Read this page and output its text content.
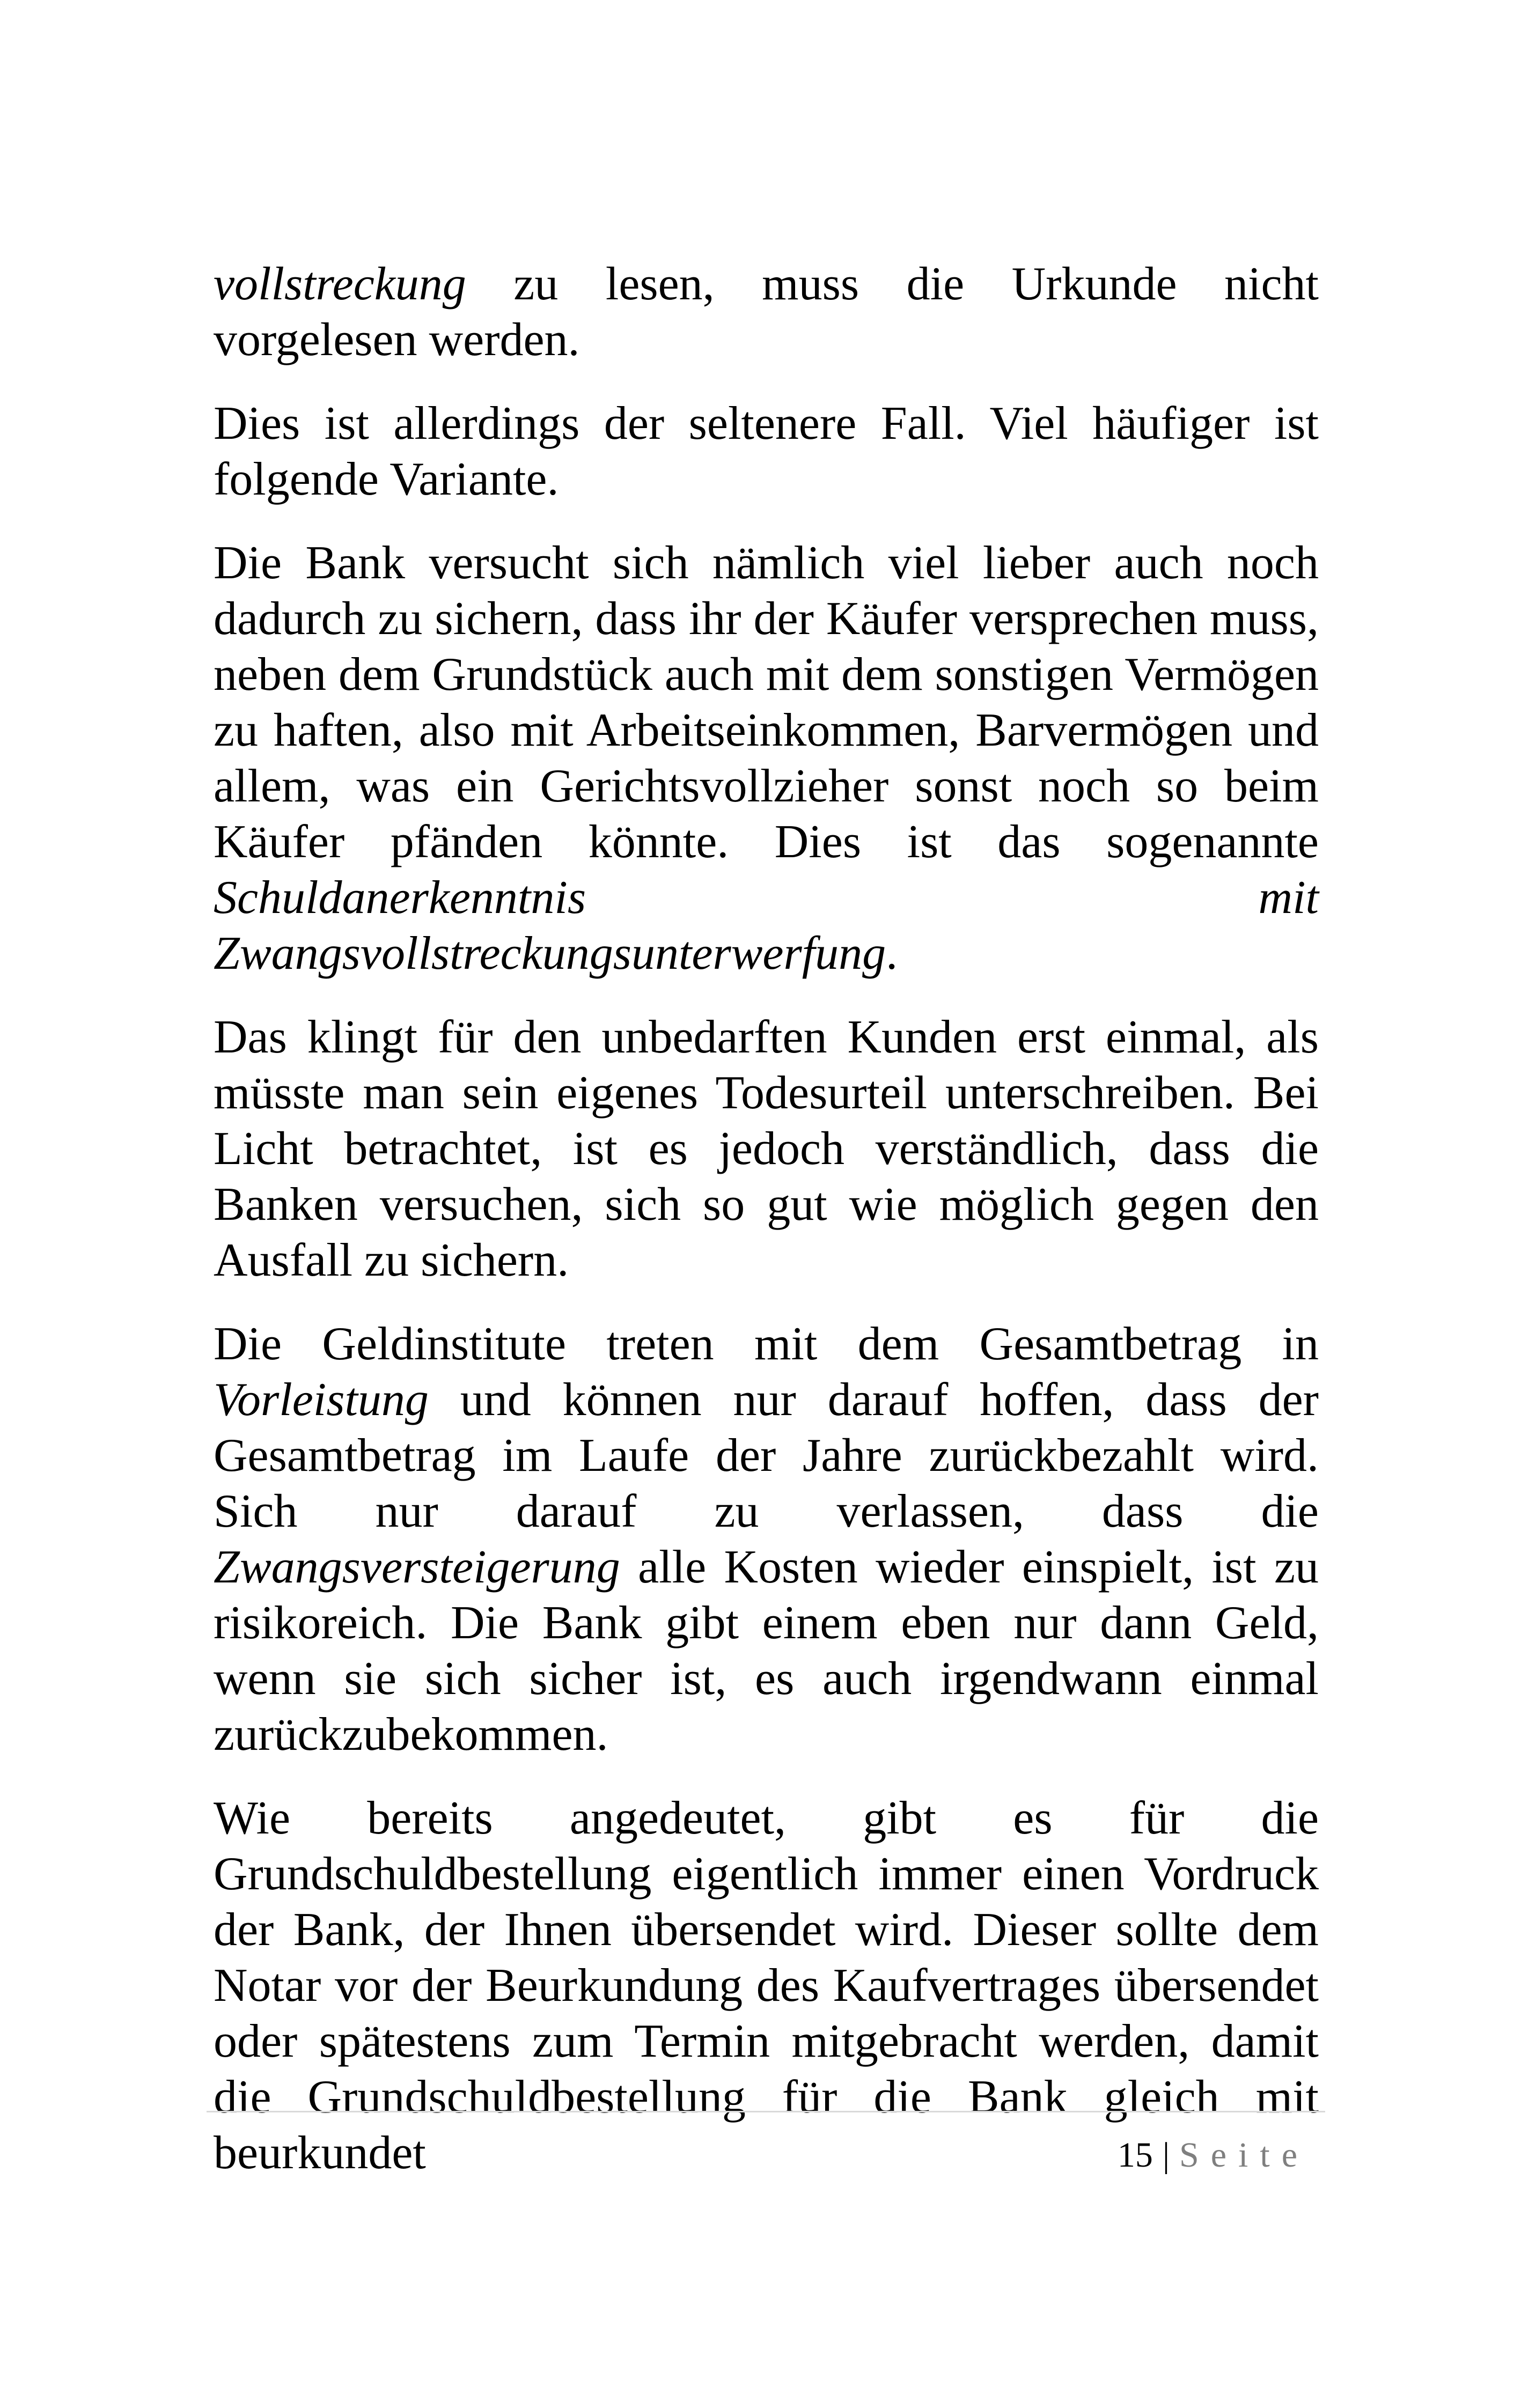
vollstreckung zu lesen, muss die Urkunde nicht vorgelesen werden.

Dies ist allerdings der seltenere Fall. Viel häufiger ist folgende Variante.

Die Bank versucht sich nämlich viel lieber auch noch dadurch zu sichern, dass ihr der Käufer versprechen muss, neben dem Grundstück auch mit dem sonstigen Vermögen zu haften, also mit Arbeitseinkommen, Barvermögen und allem, was ein Gerichtsvollzieher sonst noch so beim Käufer pfänden könnte. Dies ist das sogenannte Schuldanerkenntnis mit Zwangsvollstreckungsunterwerfung.

Das klingt für den unbedarften Kunden erst einmal, als müsste man sein eigenes Todesurteil unterschreiben. Bei Licht betrachtet, ist es jedoch verständlich, dass die Banken versuchen, sich so gut wie möglich gegen den Ausfall zu sichern.

Die Geldinstitute treten mit dem Gesamtbetrag in Vorleistung und können nur darauf hoffen, dass der Gesamtbetrag im Laufe der Jahre zurückbezahlt wird. Sich nur darauf zu verlassen, dass die Zwangsversteigerung alle Kosten wieder einspielt, ist zu risikoreich. Die Bank gibt einem eben nur dann Geld, wenn sie sich sicher ist, es auch irgendwann einmal zurückzubekommen.

Wie bereits angedeutet, gibt es für die Grundschuldbestellung eigentlich immer einen Vordruck der Bank, der Ihnen übersendet wird. Dieser sollte dem Notar vor der Beurkundung des Kaufvertrages übersendet oder spätestens zum Termin mitgebracht werden, damit die Grundschuldbestellung für die Bank gleich mit beurkundet	15 | Seite
